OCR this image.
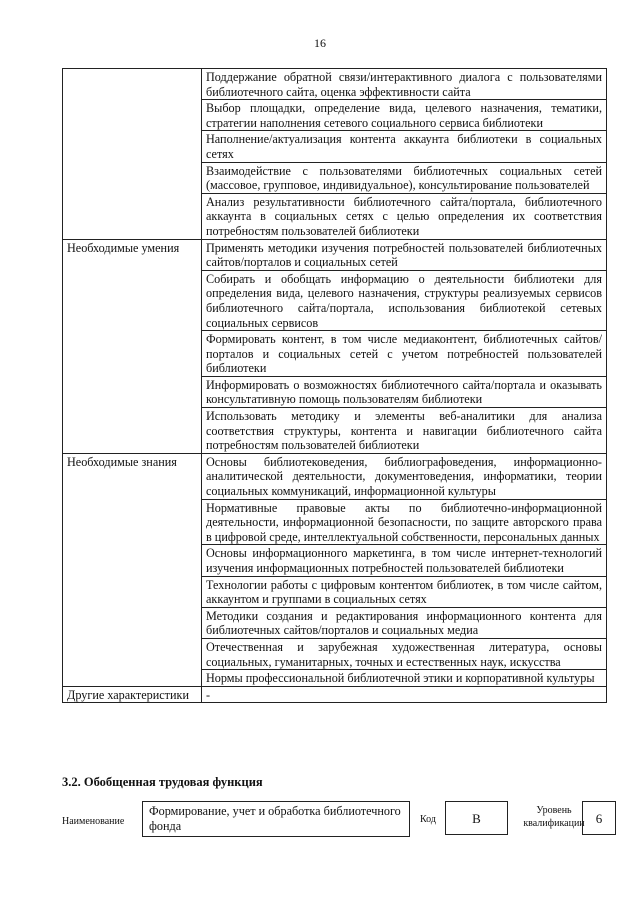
16
	Поддержание обратной связи/интерактивного диалога с пользователями библиотечного сайта, оценка эффективности сайта
	Выбор площадки, определение вида, целевого назначения, тематики, стратегии наполнения сетевого социального сервиса библиотеки
	Наполнение/актуализация контента аккаунта библиотеки в социальных сетях
	Взаимодействие с пользователями библиотечных социальных сетей (массовое, групповое, индивидуальное), консультирование пользователей
	Анализ результативности библиотечного сайта/портала, библиотечного аккаунта в социальных сетях с целью определения их соответствия потребностям пользователей библиотеки
Необходимые умения	Применять методики изучения потребностей пользователей библиотечных сайтов/порталов и социальных сетей
	Собирать и обобщать информацию о деятельности библиотеки для определения вида, целевого назначения, структуры реализуемых сервисов библиотечного сайта/портала, использования библиотекой сетевых социальных сервисов
	Формировать контент, в том числе медиаконтент, библиотечных сайтов/порталов и социальных сетей с учетом потребностей пользователей библиотеки
	Информировать о возможностях библиотечного сайта/портала и оказывать консультативную помощь пользователям библиотеки
	Использовать методику и элементы веб-аналитики для анализа соответствия структуры, контента и навигации библиотечного сайта потребностям пользователей библиотеки
Необходимые знания	Основы библиотековедения, библиографоведения, информационно-аналитической деятельности, документоведения, информатики, теории социальных коммуникаций, информационной культуры
	Нормативные правовые акты по библиотечно-информационной деятельности, информационной безопасности, по защите авторского права в цифровой среде, интеллектуальной собственности, персональных данных
	Основы информационного маркетинга, в том числе интернет-технологий изучения информационных потребностей пользователей библиотеки
	Технологии работы с цифровым контентом библиотек, в том числе сайтом, аккаунтом и группами в социальных сетях
	Методики создания и редактирования информационного контента для библиотечных сайтов/порталов и социальных медиа
	Отечественная и зарубежная художественная литература, основы социальных, гуманитарных, точных и естественных наук, искусства
	Нормы профессиональной библиотечной этики и корпоративной культуры
Другие характеристики	-
3.2. Обобщенная трудовая функция
Наименование
Формирование, учет и обработка библиотечного фонда	Код	B
Уровень квалификации 6
